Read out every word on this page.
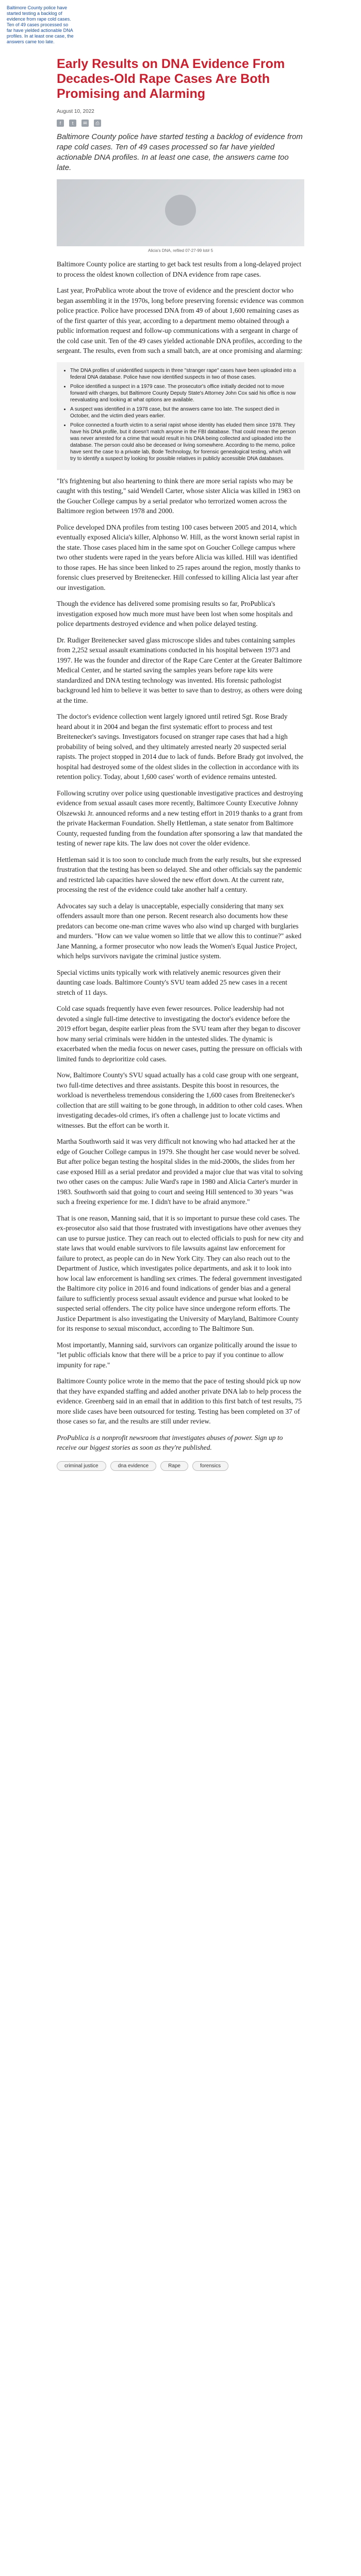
Baltimore County police have started testing a backlog of evidence from rape cold cases. Ten of 49 cases processed so far have yielded actionable DNA profiles. In at least one case, the answers came too late.
Early Results on DNA Evidence From Decades-Old Rape Cases Are Both Promising and Alarming
August 10, 2022
f	t	✉	⎙
Baltimore County police have started testing a backlog of evidence from rape cold cases. Ten of 49 cases processed so far have yielded actionable DNA profiles. In at least one case, the answers came too late.
Alicia's DNA, refiled 07-27-99 lot# 5

Baltimore County police are starting to get back test results from a long-delayed project to process the oldest known collection of DNA evidence from rape cases.

Last year, ProPublica wrote about the trove of evidence and the prescient doctor who began assembling it in the 1970s, long before preserving forensic evidence was common police practice. Police have processed DNA from 49 of about 1,600 remaining cases as of the first quarter of this year, according to a department memo obtained through a public information request and follow-up communications with a sergeant in charge of the cold case unit. Ten of the 49 cases yielded actionable DNA profiles, according to the sergeant. The results, even from such a small batch, are at once promising and alarming:

• The DNA profiles of unidentified suspects in three "stranger rape" cases have been uploaded into a federal DNA database. Police have now identified suspects in two of those cases.
• Police identified a suspect in a 1979 case. The prosecutor's office initially decided not to move forward with charges, but Baltimore County Deputy State's Attorney John Cox said his office is now reevaluating and looking at what options are available.
• A suspect was identified in a 1978 case, but the answers came too late. The suspect died in October, and the victim died years earlier.
• Police connected a fourth victim to a serial rapist whose identity has eluded them since 1978. They have his DNA profile, but it doesn't match anyone in the FBI database. That could mean the person was never arrested for a crime that would result in his DNA being collected and uploaded into the database. The person could also be deceased or living somewhere. According to the memo, police have sent the case to a private lab, Bode Technology, for forensic genealogical testing, which will try to identify a suspect by looking for possible relatives in publicly accessible DNA databases.

"It's frightening but also heartening to think there are more serial rapists who may be caught with this testing," said Wendell Carter, whose sister Alicia was killed in 1983 on the Goucher College campus by a serial predator who terrorized women across the Baltimore region between 1978 and 2000.

Police developed DNA profiles from testing 100 cases between 2005 and 2014, which eventually exposed Alicia's killer, Alphonso W. Hill, as the worst known serial rapist in the state. Those cases placed him in the same spot on Goucher College campus where two other students were raped in the years before Alicia was killed. Hill was identified to those rapes. He has since been linked to 25 rapes around the region, mostly thanks to forensic clues preserved by Breitenecker. Hill confessed to killing Alicia last year after our investigation.

Though the evidence has delivered some promising results so far, ProPublica's investigation exposed how much more must have been lost when some hospitals and police departments destroyed evidence and when police delayed testing.

Dr. Rudiger Breitenecker saved glass microscope slides and tubes containing samples from 2,252 sexual assault examinations conducted in his hospital between 1973 and 1997. He was the founder and director of the Rape Care Center at the Greater Baltimore Medical Center, and he started saving the samples years before rape kits were standardized and DNA testing technology was invented. His forensic pathologist background led him to believe it was better to save than to destroy, as others were doing at the time.

The doctor's evidence collection went largely ignored until retired Sgt. Rose Brady heard about it in 2004 and began the first systematic effort to process and test Breitenecker's savings. Investigators focused on stranger rape cases that had a high probability of being solved, and they ultimately arrested nearly 20 suspected serial rapists. The project stopped in 2014 due to lack of funds. Before Brady got involved, the hospital had destroyed some of the oldest slides in the collection in accordance with its retention policy. Today, about 1,600 cases' worth of evidence remains untested.

Following scrutiny over police using questionable investigative practices and destroying evidence from sexual assault cases more recently, Baltimore County Executive Johnny Olszewski Jr. announced reforms and a new testing effort in 2019 thanks to a grant from the private Hackerman Foundation. Shelly Hettleman, a state senator from Baltimore County, requested funding from the foundation after sponsoring a law that mandated the testing of newer rape kits. The law does not cover the older evidence.

Hettleman said it is too soon to conclude much from the early results, but she expressed frustration that the testing has been so delayed. She and other officials say the pandemic and restricted lab capacities have slowed the new effort down. At the current rate, processing the rest of the evidence could take another half a century.

Advocates say such a delay is unacceptable, especially considering that many sex offenders assault more than one person. Recent research also documents how these predators can become one-man crime waves who also wind up charged with burglaries and murders. "How can we value women so little that we allow this to continue?" asked Jane Manning, a former prosecutor who now leads the Women's Equal Justice Project, which helps survivors navigate the criminal justice system.

Special victims units typically work with relatively anemic resources given their daunting case loads. Baltimore County's SVU team added 25 new cases in a recent stretch of 11 days.

Cold case squads frequently have even fewer resources. Police leadership had not devoted a single full-time detective to investigating the doctor's evidence before the 2019 effort began, despite earlier pleas from the SVU team after they began to discover how many serial criminals were hidden in the untested slides. The dynamic is exacerbated when the media focus on newer cases, putting the pressure on officials with limited funds to deprioritize cold cases.

Now, Baltimore County's SVU squad actually has a cold case group with one sergeant, two full-time detectives and three assistants. Despite this boost in resources, the workload is nevertheless tremendous considering the 1,600 cases from Breitenecker's collection that are still waiting to be gone through, in addition to other cold cases. When investigating decades-old crimes, it's often a challenge just to locate victims and witnesses. But the effort can be worth it.

Martha Southworth said it was very difficult not knowing who had attacked her at the edge of Goucher College campus in 1979. She thought her case would never be solved. But after police began testing the hospital slides in the mid-2000s, the slides from her case exposed Hill as a serial predator and provided a major clue that was vital to solving two other cases on the campus: Julie Ward's rape in 1980 and Alicia Carter's murder in 1983. Southworth said that going to court and seeing Hill sentenced to 30 years "was such a freeing experience for me. I didn't have to be afraid anymore."

That is one reason, Manning said, that it is so important to pursue these cold cases. The ex-prosecutor also said that those frustrated with investigations have other avenues they can use to pursue justice. They can reach out to elected officials to push for new city and state laws that would enable survivors to file lawsuits against law enforcement for failure to protect, as people can do in New York City. They can also reach out to the Department of Justice, which investigates police departments, and ask it to look into how local law enforcement is handling sex crimes. The federal government investigated the Baltimore city police in 2016 and found indications of gender bias and a general failure to sufficiently process sexual assault evidence and pursue what looked to be suspected serial offenders. The city police have since undergone reform efforts. The Justice Department is also investigating the University of Maryland, Baltimore County for its response to sexual misconduct, according to The Baltimore Sun.

Most importantly, Manning said, survivors can organize politically around the issue to "let public officials know that there will be a price to pay if you continue to allow impunity for rape."

Baltimore County police wrote in the memo that the pace of testing should pick up now that they have expanded staffing and added another private DNA lab to help process the evidence. Greenberg said in an email that in addition to this first batch of test results, 75 more slide cases have been outsourced for testing. Testing has been completed on 37 of those cases so far, and the results are still under review.

ProPublica is a nonprofit newsroom that investigates abuses of power. Sign up to receive our biggest stories as soon as they're published.

criminal justice	dna evidence	Rape	forensics
